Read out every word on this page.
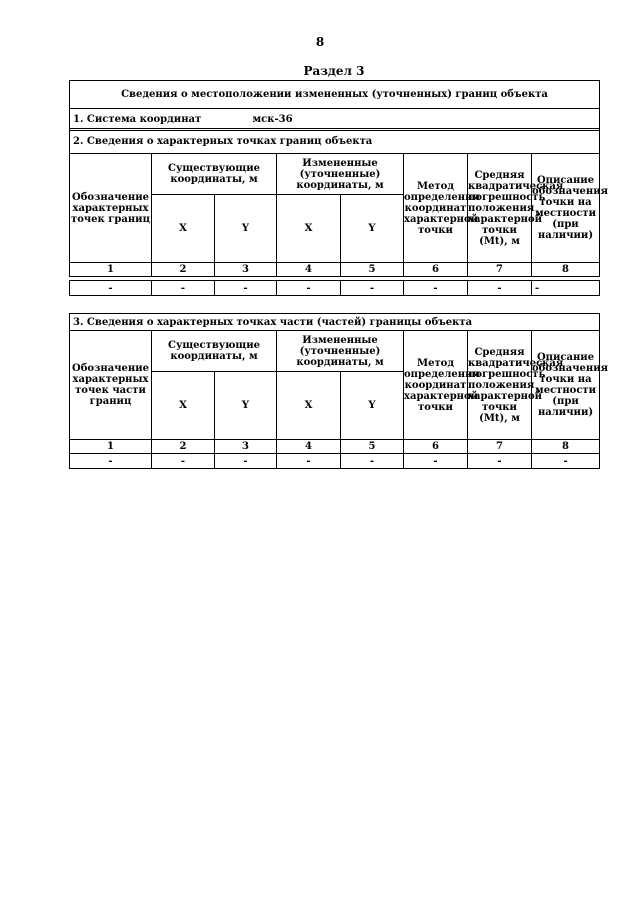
8
Раздел 3
Сведения о местоположении измененных (уточненных) границ объекта
1. Система координат	мск-36
2. Сведения о характерных точках границ объекта							
Обозначение характерных точек границ	Существующие координаты, м		Измененные (уточненные) координаты, м		Метод определения координат характерной точки	Средняя квадратическая погрешность положения характерной точки (Mt), м	Описание обозначения точки на местности (при наличии)
	X	Y	X	Y			
1	2	3	4	5	6	7	8

-	-	-	-	-	-	-	-
3. Сведения о характерных точках части (частей) границы объекта							
Обозначение характерных точек части границ	Существующие координаты, м		Измененные (уточненные) координаты, м		Метод определения координат характерной точки	Средняя квадратическая погрешность положения характерной точки (Mt), м	Описание обозначения точки на местности (при наличии)
	X	Y	X	Y			
1	2	3	4	5	6	7	8
-	-	-	-	-	-	-	-
